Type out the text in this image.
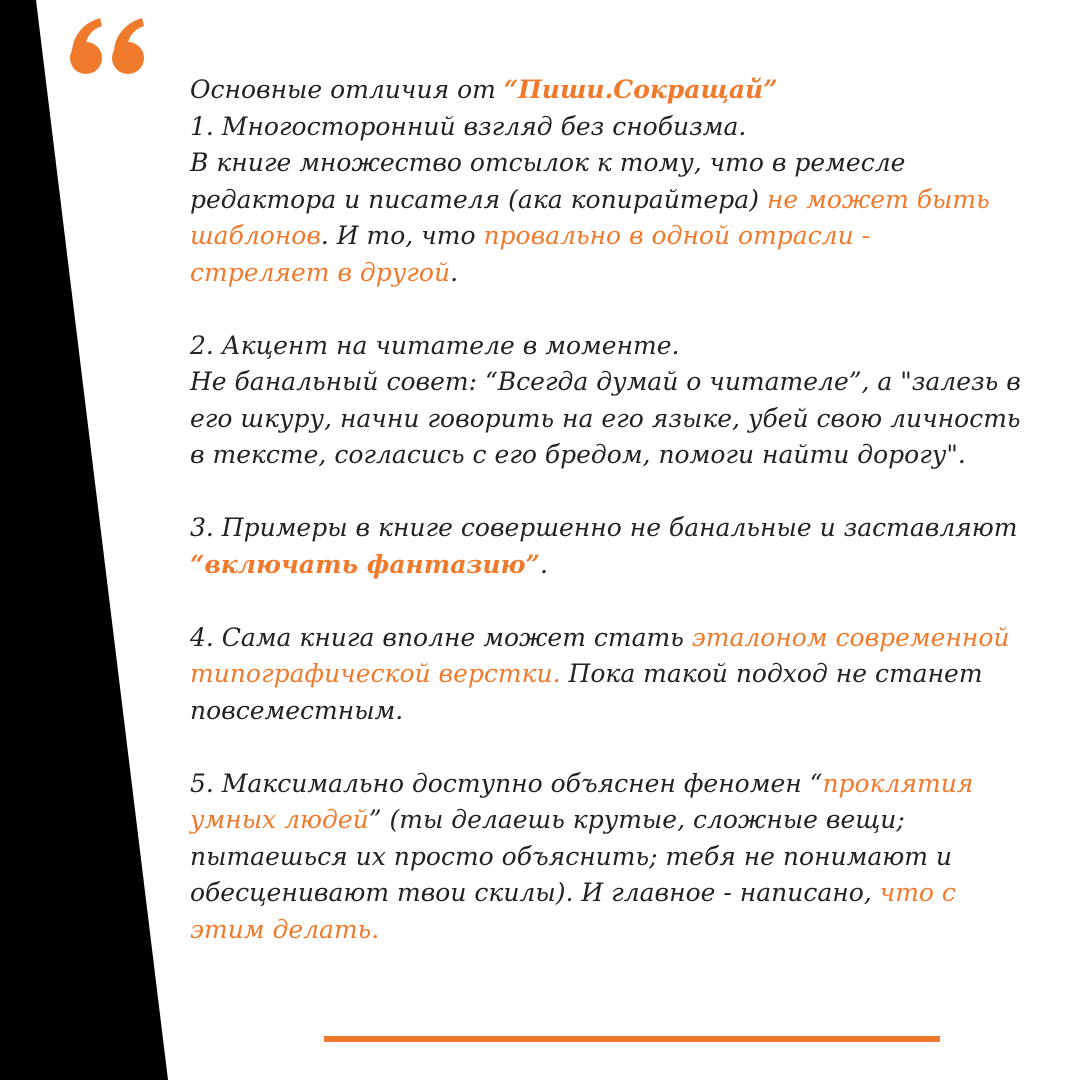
Основные отличия от “Пиши.Сокращай”
1. Многосторонний взгляд без снобизма.
В книге множество отсылок к тому, что в ремесле
редактора и писателя (ака копирайтера) не может быть
шаблонов. И то, что провально в одной отрасли -
стреляет в другой.

2. Акцент на читателе в моменте.
Не банальный совет: “Всегда думай о читателе”, а "залезь в
его шкуру, начни говорить на его языке, убей свою личность
в тексте, согласись с его бредом, помоги найти дорогу".

3. Примеры в книге совершенно не банальные и заставляют
“включать фантазию”.

4. Сама книга вполне может стать эталоном современной
типографической верстки. Пока такой подход не станет
повсеместным.

5. Максимально доступно объяснен феномен “проклятия
умных людей” (ты делаешь крутые, сложные вещи;
пытаешься их просто объяснить; тебя не понимают и
обесценивают твои скилы). И главное - написано, что с
этим делать.
